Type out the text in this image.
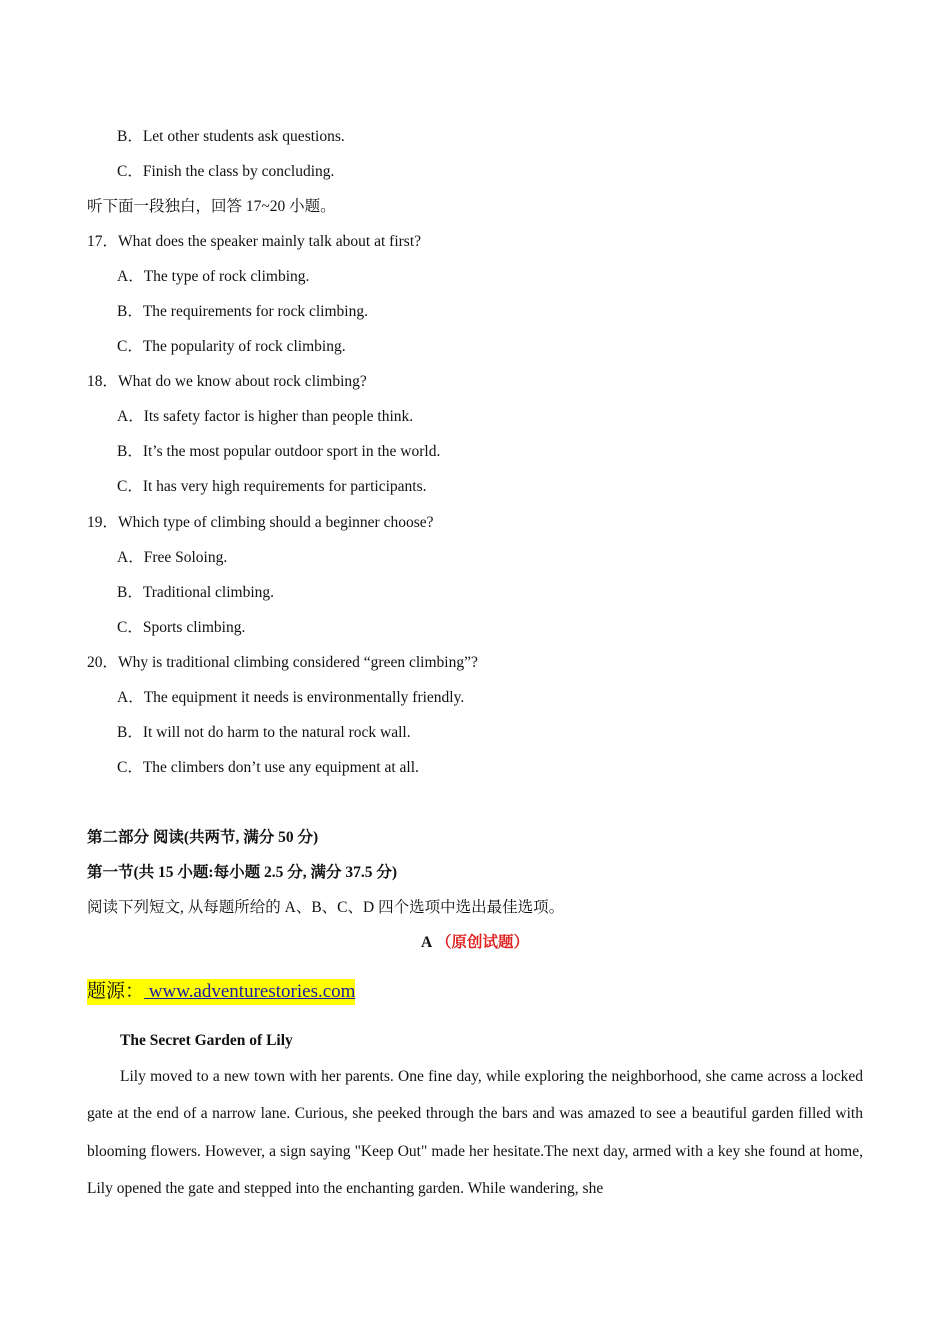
B．Let other students ask questions.
C．Finish the class by concluding.
听下面一段独白，回答 17~20 小题。
17．What does the speaker mainly talk about at first?
A．The type of rock climbing.
B．The requirements for rock climbing.
C．The popularity of rock climbing.
18．What do we know about rock climbing?
A．Its safety factor is higher than people think.
B．It’s the most popular outdoor sport in the world.
C．It has very high requirements for participants.
19．Which type of climbing should a beginner choose?
A．Free Soloing.
B．Traditional climbing.
C．Sports climbing.
20．Why is traditional climbing considered “green climbing”?
A．The equipment it needs is environmentally friendly.
B．It will not do harm to the natural rock wall.
C．The climbers don’t use any equipment at all.
第二部分 阅读(共两节, 满分 50 分)
第一节(共 15 小题:每小题 2.5 分, 满分 37.5 分)
阅读下列短文, 从每题所给的 A、B、C、D 四个选项中选出最佳选项。
A （原创试题）
题源： www.adventurestories.com
The Secret Garden of Lily
Lily moved to a new town with her parents. One fine day, while exploring the neighborhood, she came across a locked gate at the end of a narrow lane. Curious, she peeked through the bars and was amazed to see a beautiful garden filled with blooming flowers. However, a sign saying "Keep Out" made her hesitate.The next day, armed with a key she found at home, Lily opened the gate and stepped into the enchanting garden. While wandering, she
